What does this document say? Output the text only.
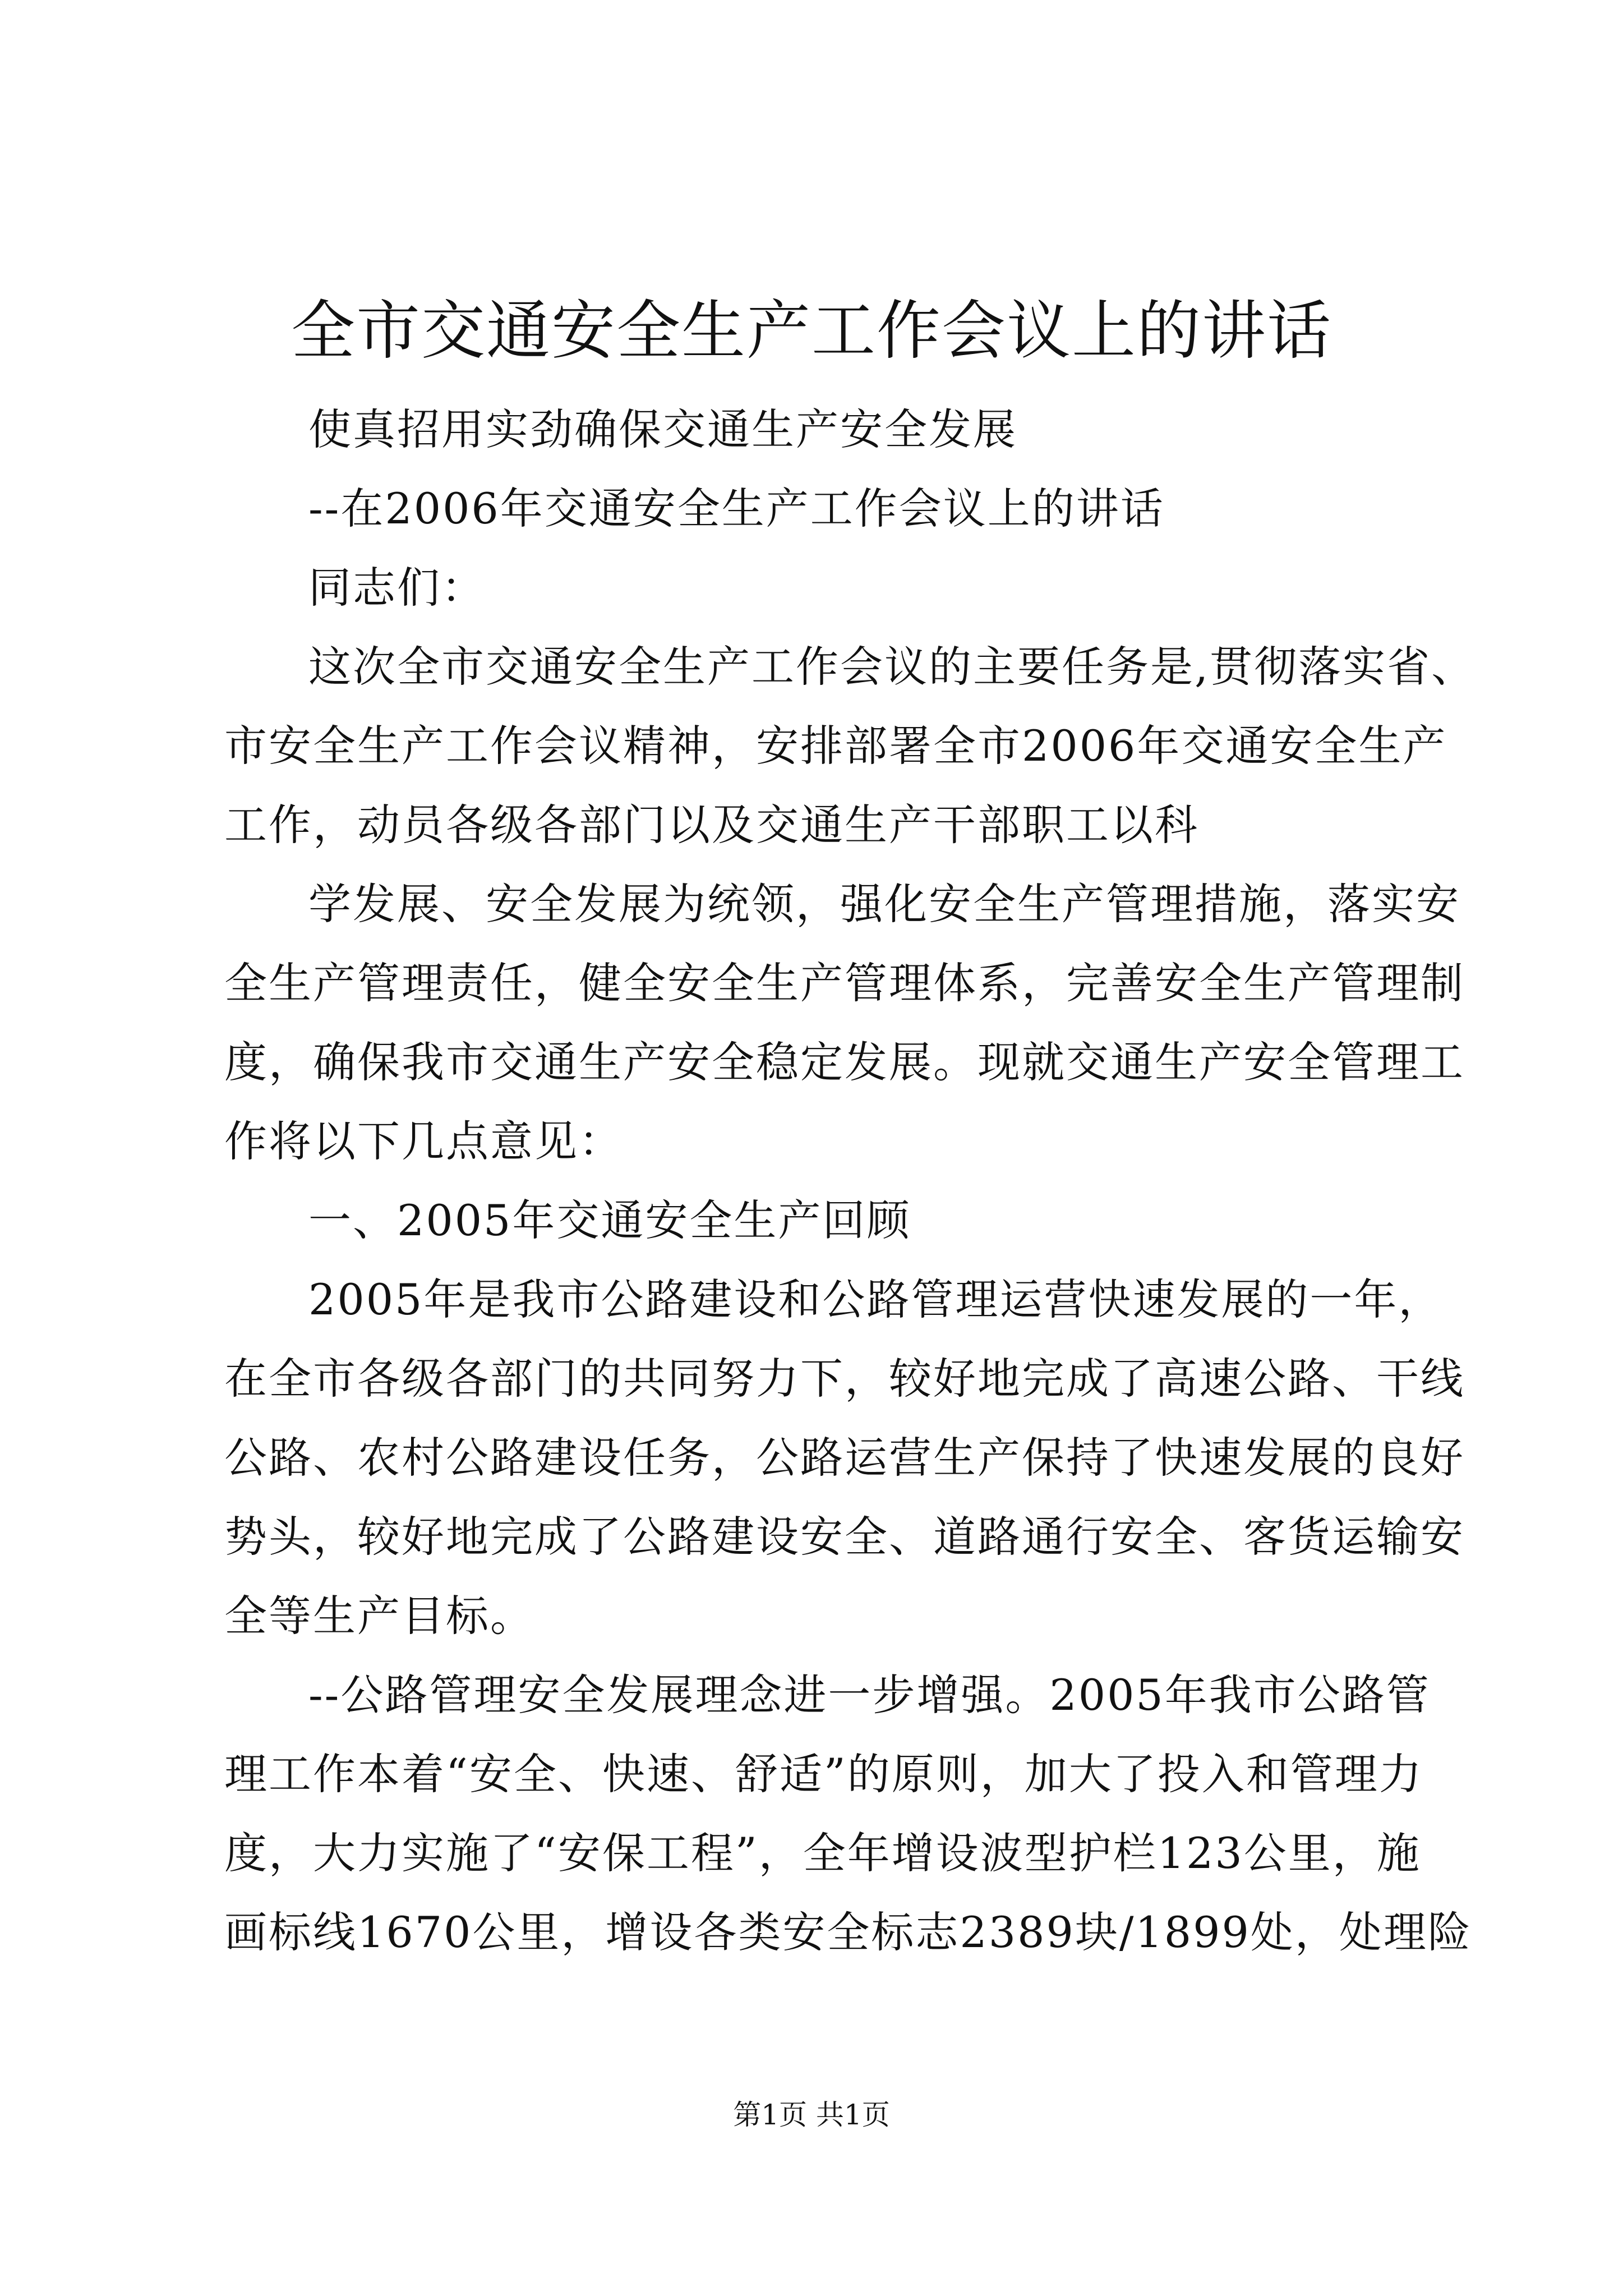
全市交通安全生产工作会议上的讲话
使真招用实劲确保交通生产安全发展
--在2006年交通安全生产工作会议上的讲话
同志们：
这次全市交通安全生产工作会议的主要任务是,贯彻落实省、
市安全生产工作会议精神，安排部署全市2006年交通安全生产
工作，动员各级各部门以及交通生产干部职工以科
学发展、安全发展为统领，强化安全生产管理措施，落实安
全生产管理责任，健全安全生产管理体系，完善安全生产管理制
度，确保我市交通生产安全稳定发展。现就交通生产安全管理工
作将以下几点意见：
一、2005年交通安全生产回顾
2005年是我市公路建设和公路管理运营快速发展的一年，
在全市各级各部门的共同努力下，较好地完成了高速公路、干线
公路、农村公路建设任务，公路运营生产保持了快速发展的良好
势头，较好地完成了公路建设安全、道路通行安全、客货运输安
全等生产目标。
--公路管理安全发展理念进一步增强。2005年我市公路管
理工作本着“安全、快速、舒适”的原则，加大了投入和管理力
度，大力实施了“安保工程”，全年增设波型护栏123公里，施
画标线1670公里，增设各类安全标志2389块/1899处，处理险
第1页 共1页
